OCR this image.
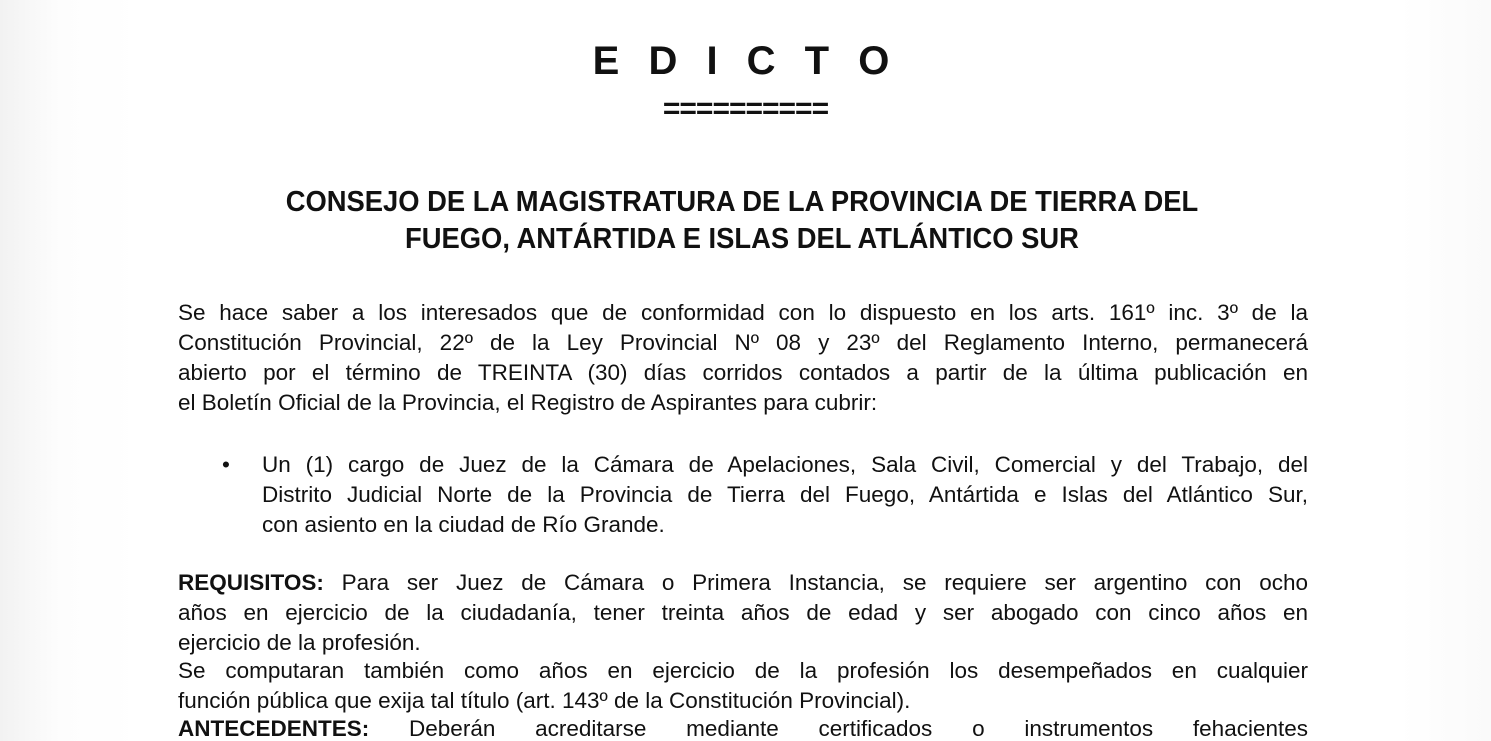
E D I C T O
==========
CONSEJO DE LA MAGISTRATURA DE LA PROVINCIA DE TIERRA DEL
FUEGO, ANTÁRTIDA E ISLAS DEL ATLÁNTICO SUR
Se hace saber a los interesados que de conformidad con lo dispuesto en los arts. 161º inc. 3º de la
Constitución Provincial, 22º de la Ley Provincial Nº 08 y 23º del Reglamento Interno, permanecerá
abierto por el término de TREINTA (30) días corridos contados a partir de la última publicación en
el Boletín Oficial de la Provincia, el Registro de Aspirantes para cubrir:
•	Un (1) cargo de Juez de la Cámara de Apelaciones, Sala Civil, Comercial y del Trabajo, del
Distrito Judicial Norte de la Provincia de Tierra del Fuego, Antártida e Islas del Atlántico Sur,
con asiento en la ciudad de Río Grande.
REQUISITOS: Para ser Juez de Cámara o Primera Instancia, se requiere ser argentino con ocho
años en ejercicio de la ciudadanía, tener treinta años de edad y ser abogado con cinco años en
ejercicio de la profesión.
Se computaran también como años en ejercicio de la profesión los desempeñados en cualquier
función pública que exija tal título (art. 143º de la Constitución Provincial).
ANTECEDENTES: Deberán acreditarse mediante certificados o instrumentos fehacientes
